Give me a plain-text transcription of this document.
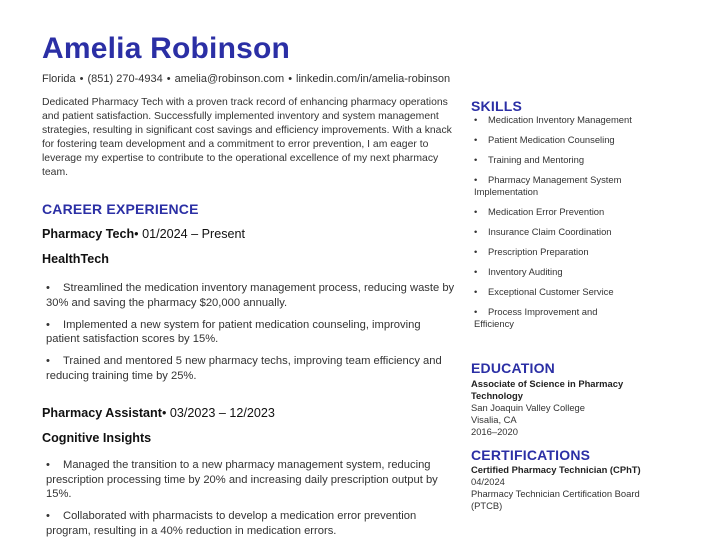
Amelia Robinson
Florida • (851) 270-4934 • amelia@robinson.com • linkedin.com/in/amelia-robinson

Dedicated Pharmacy Tech with a proven track record of enhancing pharmacy operations and patient satisfaction. Successfully implemented inventory and system management strategies, resulting in significant cost savings and efficiency improvements. With a knack for fostering team development and a commitment to error prevention, I am eager to leverage my expertise to contribute to the operational excellence of my next pharmacy team.

CAREER EXPERIENCE
Pharmacy Tech• 01/2024 – Present
HealthTech
• Streamlined the medication inventory management process, reducing waste by 30% and saving the pharmacy $20,000 annually.
• Implemented a new system for patient medication counseling, improving patient satisfaction scores by 15%.
• Trained and mentored 5 new pharmacy techs, improving team efficiency and reducing training time by 25%.
Pharmacy Assistant• 03/2023 – 12/2023
Cognitive Insights
• Managed the transition to a new pharmacy management system, reducing prescription processing time by 20% and increasing daily prescription output by 15%.
• Collaborated with pharmacists to develop a medication error prevention program, resulting in a 40% reduction in medication errors.
SKILLS
• Medication Inventory Management
• Patient Medication Counseling
• Training and Mentoring
• Pharmacy Management System Implementation
• Medication Error Prevention
• Insurance Claim Coordination
• Prescription Preparation
• Inventory Auditing
• Exceptional Customer Service
• Process Improvement and Efficiency
EDUCATION
Associate of Science in Pharmacy Technology
San Joaquin Valley College
Visalia, CA
2016–2020
CERTIFICATIONS
Certified Pharmacy Technician (CPhT)
04/2024
Pharmacy Technician Certification Board (PTCB)
